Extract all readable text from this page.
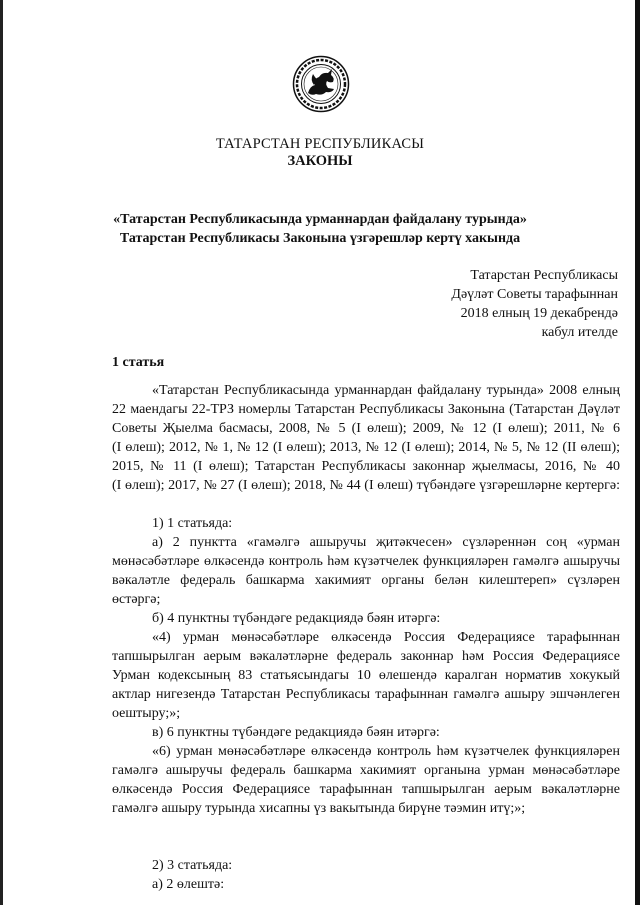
ТАТАРСТАН РЕСПУБЛИКАСЫ
ЗАКОНЫ
«Татарстан Республикасында урманнардан файдалану турында»
Татарстан Республикасы Законына үзгәрешләр кертү хакында
Татарстан Республикасы
Дәүләт Советы тарафыннан
2018 елның 19 декабрендә
кабул ителде
1 статья
«Татарстан Республикасында урманнардан файдалану турында» 2008 елның
22 маендагы 22-ТРЗ номерлы Татарстан Республикасы Законына (Татарстан Дәүләт
Советы Җыелма басмасы, 2008, № 5 (I өлеш); 2009, № 12 (I өлеш); 2011, № 6
(I өлеш); 2012, № 1, № 12 (I өлеш); 2013, № 12 (I өлеш); 2014, № 5, № 12 (II өлеш);
2015, № 11 (I өлеш); Татарстан Республикасы законнар җыелмасы, 2016, № 40
(I өлеш); 2017, № 27 (I өлеш); 2018, № 44 (I өлеш) түбәндәге үзгәрешләрне кертергә:
1) 1 статьяда:
а) 2 пунктта «гамәлгә ашыручы җитәкчесен» сүзләреннән соң «урман
мөнәсәбәтләре өлкәсендә контроль һәм күзәтчелек функцияләрен гамәлгә ашыручы
вәкаләтле федераль башкарма хакимият органы белән килештереп» сүзләрен
өстәргә;
б) 4 пунктны түбәндәге редакциядә бәян итәргә:
«4) урман мөнәсәбәтләре өлкәсендә Россия Федерациясе тарафыннан
тапшырылган аерым вәкаләтләрне федераль законнар һәм Россия Федерациясе
Урман кодексының 83 статьясындагы 10 өлешендә каралган норматив хокукый
актлар нигезендә Татарстан Республикасы тарафыннан гамәлгә ашыру эшчәнлеген
оештыру;»;
в) 6 пунктны түбәндәге редакциядә бәян итәргә:
«6) урман мөнәсәбәтләре өлкәсендә контроль һәм күзәтчелек функцияләрен
гамәлгә ашыручы федераль башкарма хакимият органына урман мөнәсәбәтләре
өлкәсендә Россия Федерациясе тарафыннан тапшырылган аерым вәкаләтләрне
гамәлгә ашыру турында хисапны үз вакытында бирүне тәэмин итү;»;
2) 3 статьяда:
а) 2 өлештә:
